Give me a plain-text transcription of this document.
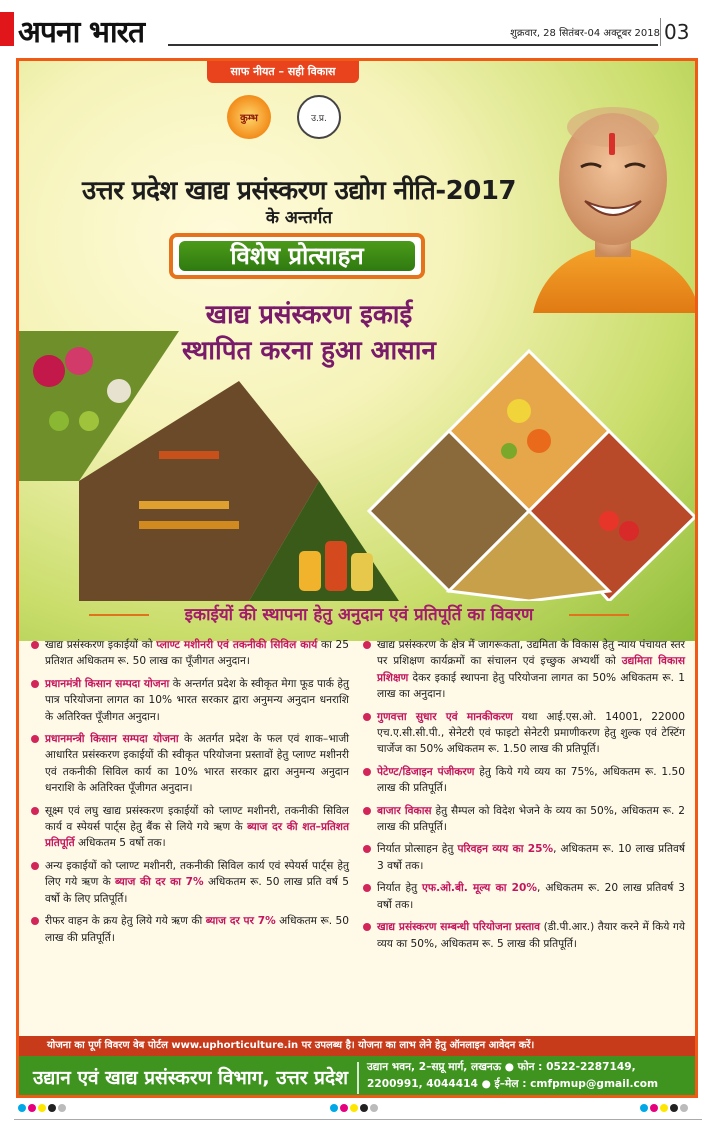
अपना भारत	शुक्रवार, 28 सितंबर-04 अक्टूबर 2018 03
साफ नीयत – सही विकास
कुम्भ	उ.प्र.
उत्तर प्रदेश खाद्य प्रसंस्करण उद्योग नीति-2017
के अन्तर्गत
विशेष प्रोत्साहन
खाद्य प्रसंस्करण इकाई
स्थापित करना हुआ आसान
इकाईयों की स्थापना हेतु अनुदान एवं प्रतिपूर्ति का विवरण
खाद्य प्रसंस्करण इकाईयों को प्लाण्ट मशीनरी एवं तकनीकी सिविल कार्य का 25 प्रतिशत अधिकतम रू. 50 लाख का पूँजीगत अनुदान।
प्रधानमंत्री किसान सम्पदा योजना के अन्तर्गत प्रदेश के स्वीकृत मेगा फूड पार्क हेतु पात्र परियोजना लागत का 10% भारत सरकार द्वारा अनुमन्य अनुदान धनराशि के अतिरिक्त पूँजीगत अनुदान।
प्रधानमन्त्री किसान सम्पदा योजना के अतर्गत प्रदेश के फल एवं शाक–भाजी आधारित प्रसंस्करण इकाईयों की स्वीकृत परियोजना प्रस्तावों हेतु प्लाण्ट मशीनरी एवं तकनीकी सिविल कार्य का 10% भारत सरकार द्वारा अनुमन्य अनुदान धनराशि के अतिरिक्त पूँजीगत अनुदान।
सूक्ष्म एवं लघु खाद्य प्रसंस्करण इकाईयों को प्लाण्ट मशीनरी, तकनीकी सिविल कार्य व स्पेयर्स पार्ट्स हेतु बैंक से लिये गये ऋण के ब्याज दर की शत–प्रतिशत प्रतिपूर्ति अधिकतम 5 वर्षो तक।
अन्य इकाईयों को प्लाण्ट मशीनरी, तकनीकी सिविल कार्य एवं स्पेयर्स पार्ट्स हेतु लिए गये ऋण के ब्याज की दर का 7% अधिकतम रू. 50 लाख प्रति वर्ष 5 वर्षो के लिए प्रतिपूर्ति।
रीफर वाहन के क्रय हेतु लिये गये ऋण की ब्याज दर पर 7% अधिकतम रू. 50 लाख की प्रतिपूर्ति।
खाद्य प्रसंस्करण के क्षेत्र में जागरूकता, उद्यमिता के विकास हेतु न्याय पंचायत स्तर पर प्रशिक्षण कार्यक्रमों का संचालन एवं इच्छुक अभ्यर्थी को उद्यमिता विकास प्रशिक्षण देकर इकाई स्थापना हेतु परियोजना लागत का 50% अधिकतम रू. 1 लाख का अनुदान।
गुणवत्ता सुधार एवं मानकीकरण यथा आई.एस.ओ. 14001, 22000 एच.ए.सी.सी.पी., सेनेटरी एवं फाइटो सेनेटरी प्रमाणीकरण हेतु शुल्क एवं टेस्टिंग चार्जेज का 50% अधिकतम रू. 1.50 लाख की प्रतिपूर्ति।
पेटेण्ट/डिजाइन पंजीकरण हेतु किये गये व्यय का 75%, अधिकतम रू. 1.50 लाख की प्रतिपूर्ति।
बाजार विकास हेतु सैम्पल को विदेश भेजने के व्यय का 50%, अधिकतम रू. 2 लाख की प्रतिपूर्ति।
निर्यात प्रोत्साहन हेतु परिवहन व्यय का 25%, अधिकतम रू. 10 लाख प्रतिवर्ष 3 वर्षो तक।
निर्यात हेतु एफ.ओ.बी. मूल्य का 20%, अधिकतम रू. 20 लाख प्रतिवर्ष 3 वर्षो तक।
खाद्य प्रसंस्करण सम्बन्धी परियोजना प्रस्ताव (डी.पी.आर.) तैयार करने में किये गये व्यय का 50%, अधिकतम रू. 5 लाख की प्रतिपूर्ति।
योजना का पूर्ण विवरण वेब पोर्टल www.uphorticulture.in पर उपलब्ध है। योजना का लाभ लेने हेतु ऑनलाइन आवेदन करें।
उद्यान एवं खाद्य प्रसंस्करण विभाग, उत्तर प्रदेश उद्यान भवन, 2–सप्रू मार्ग, लखनऊ ● फोन : 0522-2287149,
2200991, 4044414 ● ई–मेल : cmfpmup@gmail.com
